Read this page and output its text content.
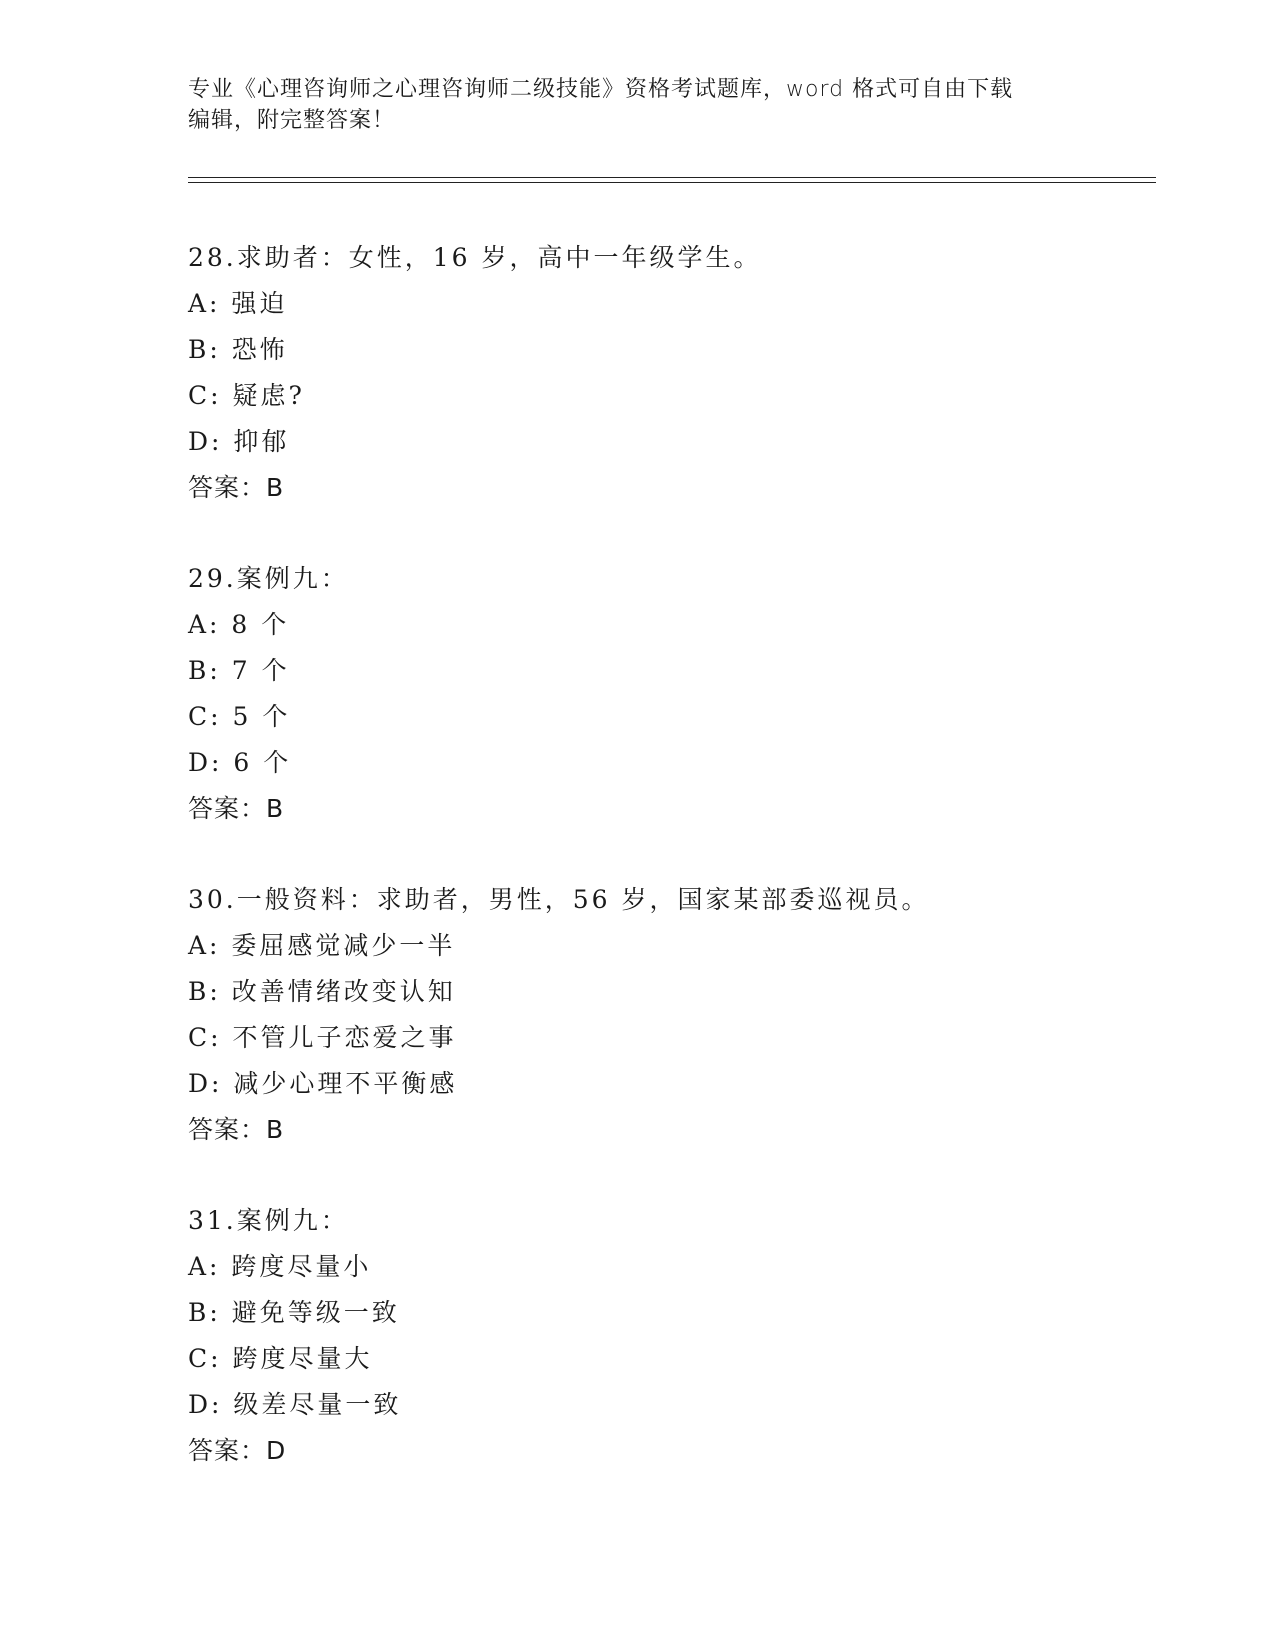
专业《心理咨询师之心理咨询师二级技能》资格考试题库，word 格式可自由下载
编辑，附完整答案！
28.求助者：女性，16 岁，高中一年级学生。
A: 强迫
B: 恐怖
C: 疑虑?
D: 抑郁
答案：B
29.案例九：
A: 8 个
B: 7 个
C: 5 个
D: 6 个
答案：B
30.一般资料：求助者，男性，56 岁，国家某部委巡视员。
A: 委屈感觉减少一半
B: 改善情绪改变认知
C: 不管儿子恋爱之事
D: 减少心理不平衡感
答案：B
31.案例九：
A: 跨度尽量小
B: 避免等级一致
C: 跨度尽量大
D: 级差尽量一致
答案：D
